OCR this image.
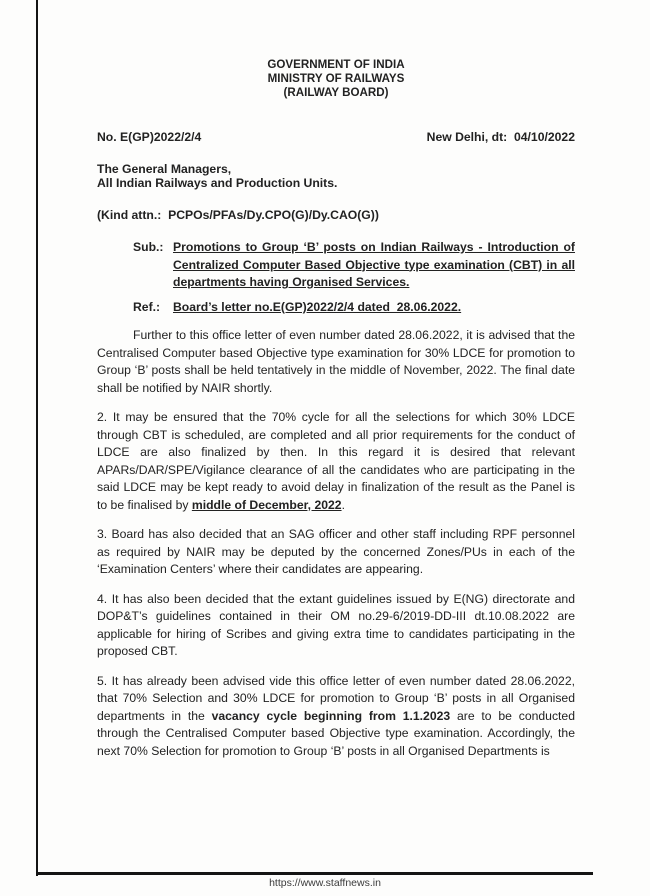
GOVERNMENT OF INDIA
MINISTRY OF RAILWAYS
(RAILWAY BOARD)
No. E(GP)2022/2/4	New Delhi, dt:  04/10/2022
The General Managers,
All Indian Railways and Production Units.
(Kind attn.:  PCPOs/PFAs/Dy.CPO(G)/Dy.CAO(G))
Sub.: Promotions to Group ‘B’ posts on Indian Railways - Introduction of Centralized Computer Based Objective type examination (CBT) in all departments having Organised Services.
Ref.:	Board’s letter no.E(GP)2022/2/4 dated  28.06.2022.

Further to this office letter of even number dated 28.06.2022, it is advised that the Centralised Computer based Objective type examination for 30% LDCE for promotion to Group ‘B’ posts shall be held tentatively in the middle of November, 2022. The final date shall be notified by NAIR shortly.

2. It may be ensured that the 70% cycle for all the selections for which 30% LDCE through CBT is scheduled, are completed and all prior requirements for the conduct of LDCE are also finalized by then. In this regard it is desired that relevant APARs/DAR/SPE/Vigilance clearance of all the candidates who are participating in the said LDCE may be kept ready to avoid delay in finalization of the result as the Panel is to be finalised by middle of December, 2022.

3. Board has also decided that an SAG officer and other staff including RPF personnel as required by NAIR may be deputed by the concerned Zones/PUs in each of the ‘Examination Centers’ where their candidates are appearing.

4. It has also been decided that the extant guidelines issued by E(NG) directorate and DOP&T’s guidelines contained in their OM no.29-6/2019-DD-III dt.10.08.2022 are applicable for hiring of Scribes and giving extra time to candidates participating in the proposed CBT.

5. It has already been advised vide this office letter of even number dated 28.06.2022, that 70% Selection and 30% LDCE for promotion to Group ‘B’ posts in all Organised departments in the vacancy cycle beginning from 1.1.2023 are to be conducted through the Centralised Computer based Objective type examination. Accordingly, the next 70% Selection for promotion to Group ‘B’ posts in all Organised Departments is

https://www.staffnews.in
